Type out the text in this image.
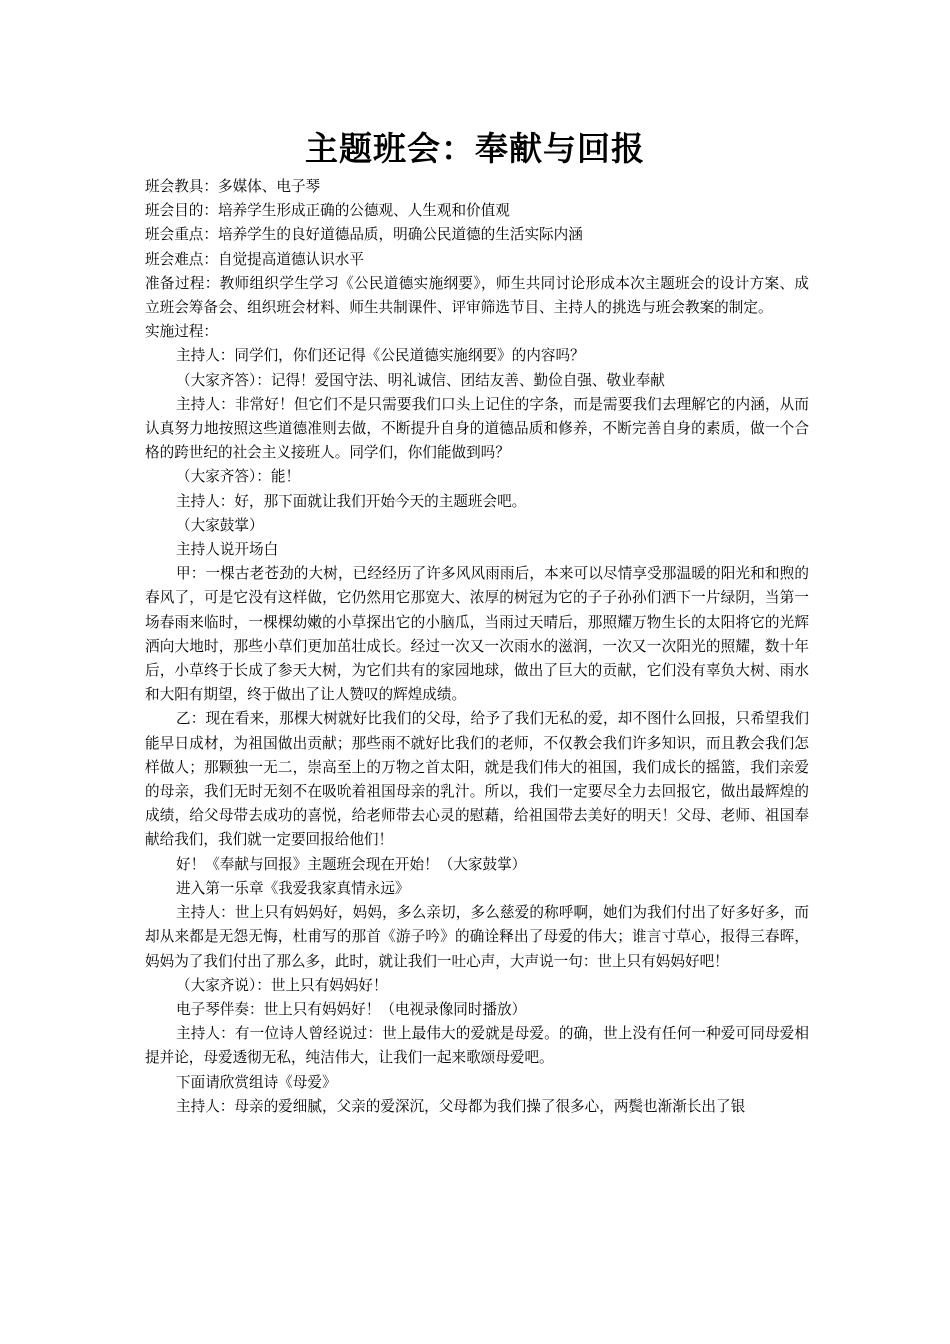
主题班会：奉献与回报

班会教具：多媒体、电子琴

班会目的：培养学生形成正确的公德观、人生观和价值观

班会重点：培养学生的良好道德品质，明确公民道德的生活实际内涵

班会难点：自觉提高道德认识水平

准备过程：教师组织学生学习《公民道德实施纲要》，师生共同讨论形成本次主题班会的设计方案、成立班会筹备会、组织班会材料、师生共制课件、评审筛选节目、主持人的挑选与班会教案的制定。

实施过程：

主持人：同学们，你们还记得《公民道德实施纲要》的内容吗？

（大家齐答）：记得！爱国守法、明礼诚信、团结友善、勤俭自强、敬业奉献

主持人：非常好！但它们不是只需要我们口头上记住的字条，而是需要我们去理解它的内涵，从而认真努力地按照这些道德准则去做，不断提升自身的道德品质和修养，不断完善自身的素质，做一个合格的跨世纪的社会主义接班人。同学们，你们能做到吗？

（大家齐答）：能！

主持人：好，那下面就让我们开始今天的主题班会吧。

（大家鼓掌）

主持人说开场白

甲：一棵古老苍劲的大树，已经经历了许多风风雨雨后，本来可以尽情享受那温暖的阳光和和煦的春风了，可是它没有这样做，它仍然用它那宽大、浓厚的树冠为它的子子孙孙们洒下一片绿阴，当第一场春雨来临时，一棵棵幼嫩的小草探出它的小脑瓜，当雨过天晴后，那照耀万物生长的太阳将它的光辉洒向大地时，那些小草们更加茁壮成长。经过一次又一次雨水的滋润，一次又一次阳光的照耀，数十年后，小草终于长成了参天大树，为它们共有的家园地球，做出了巨大的贡献，它们没有辜负大树、雨水和大阳有期望，终于做出了让人赞叹的辉煌成绩。

乙：现在看来，那棵大树就好比我们的父母，给予了我们无私的爱，却不图什么回报，只希望我们能早日成材，为祖国做出贡献；那些雨不就好比我们的老师，不仅教会我们许多知识，而且教会我们怎样做人；那颗独一无二，崇高至上的万物之首太阳，就是我们伟大的祖国，我们成长的摇篮，我们亲爱的母亲，我们无时无刻不在吸吮着祖国母亲的乳汁。所以，我们一定要尽全力去回报它，做出最辉煌的成绩，给父母带去成功的喜悦，给老师带去心灵的慰藉，给祖国带去美好的明天！父母、老师、祖国奉献给我们，我们就一定要回报给他们！

好！《奉献与回报》主题班会现在开始！（大家鼓掌）

进入第一乐章《我爱我家真情永远》

主持人：世上只有妈妈好，妈妈，多么亲切，多么慈爱的称呼啊，她们为我们付出了好多好多，而却从来都是无怨无悔，杜甫写的那首《游子吟》的确诠释出了母爱的伟大；谁言寸草心，报得三春晖，妈妈为了我们付出了那么多，此时，就让我们一吐心声，大声说一句：世上只有妈妈好吧！

（大家齐说）：世上只有妈妈好！

电子琴伴奏：世上只有妈妈好！（电视录像同时播放）

主持人：有一位诗人曾经说过：世上最伟大的爱就是母爱。的确，世上没有任何一种爱可同母爱相提并论，母爱透彻无私，纯洁伟大，让我们一起来歌颂母爱吧。

下面请欣赏组诗《母爱》

主持人：母亲的爱细腻，父亲的爱深沉，父母都为我们操了很多心，两鬓也渐渐长出了银
